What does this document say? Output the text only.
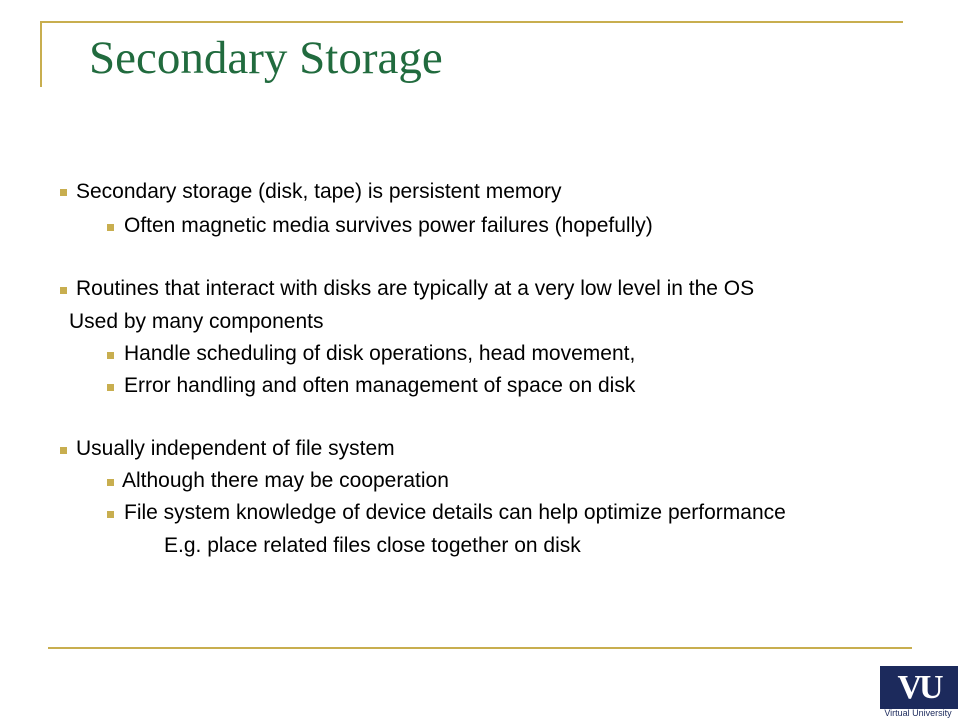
Secondary Storage
Secondary storage (disk, tape) is persistent memory
Often magnetic media survives power failures (hopefully)
Routines that interact with disks are typically at a very low level in the OS
Used by many components
Handle scheduling of disk operations, head movement,
Error handling and often management of space on disk
Usually independent of file system
Although there may be cooperation
File system knowledge of device details can help optimize performance
E.g. place related files close together on disk
VU
Virtual University
